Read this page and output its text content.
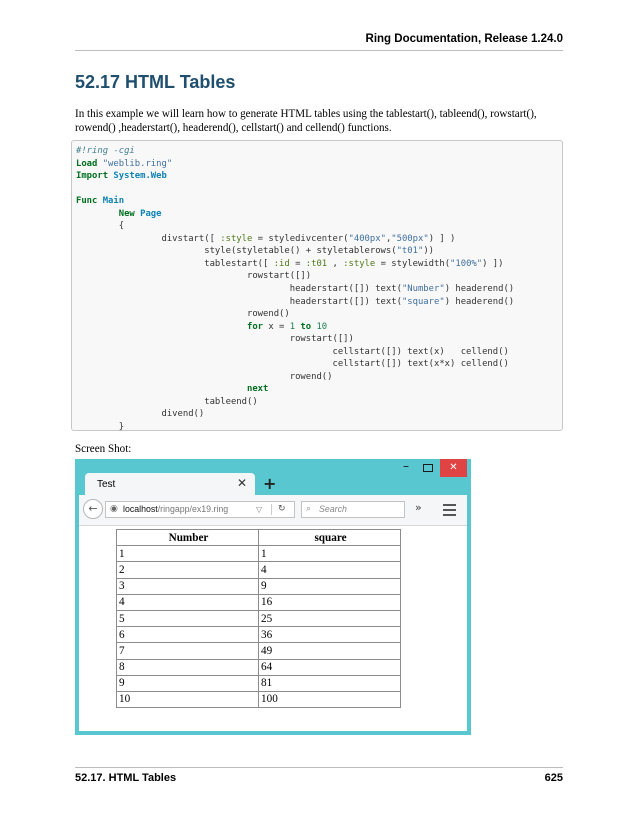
Ring Documentation, Release 1.24.0
52.17 HTML Tables

In this example we will learn how to generate HTML tables using the tablestart(), tableend(), rowstart(), rowend() ,headerstart(), headerend(), cellstart() and cellend() functions.

#!ring -cgi
Load "weblib.ring"
Import System.Web

Func Main
New Page
{
divstart([ :style = styledivcenter("400px","500px") ] )
style(styletable() + styletablerows("t01"))
tablestart([ :id = :t01 , :style = stylewidth("100%") ])
rowstart([])
headerstart([]) text("Number") headerend()
headerstart([]) text("square") headerend()
rowend()
for x = 1 to 10
rowstart([])
cellstart([]) text(x)   cellend()
cellstart([]) text(x*x) cellend()
rowend()
next
tableend()
divend()
}

Screen Shot:
–	✕
Test	✕ +
←	◉ localhost/ringapp/ex19.ring	▽ ↻ ⌕ Search	»
Number	square
1	1
2	4
3	9
4	16
5	25
6	36
7	49
8	64
9	81
10	100
52.17. HTML Tables	625
